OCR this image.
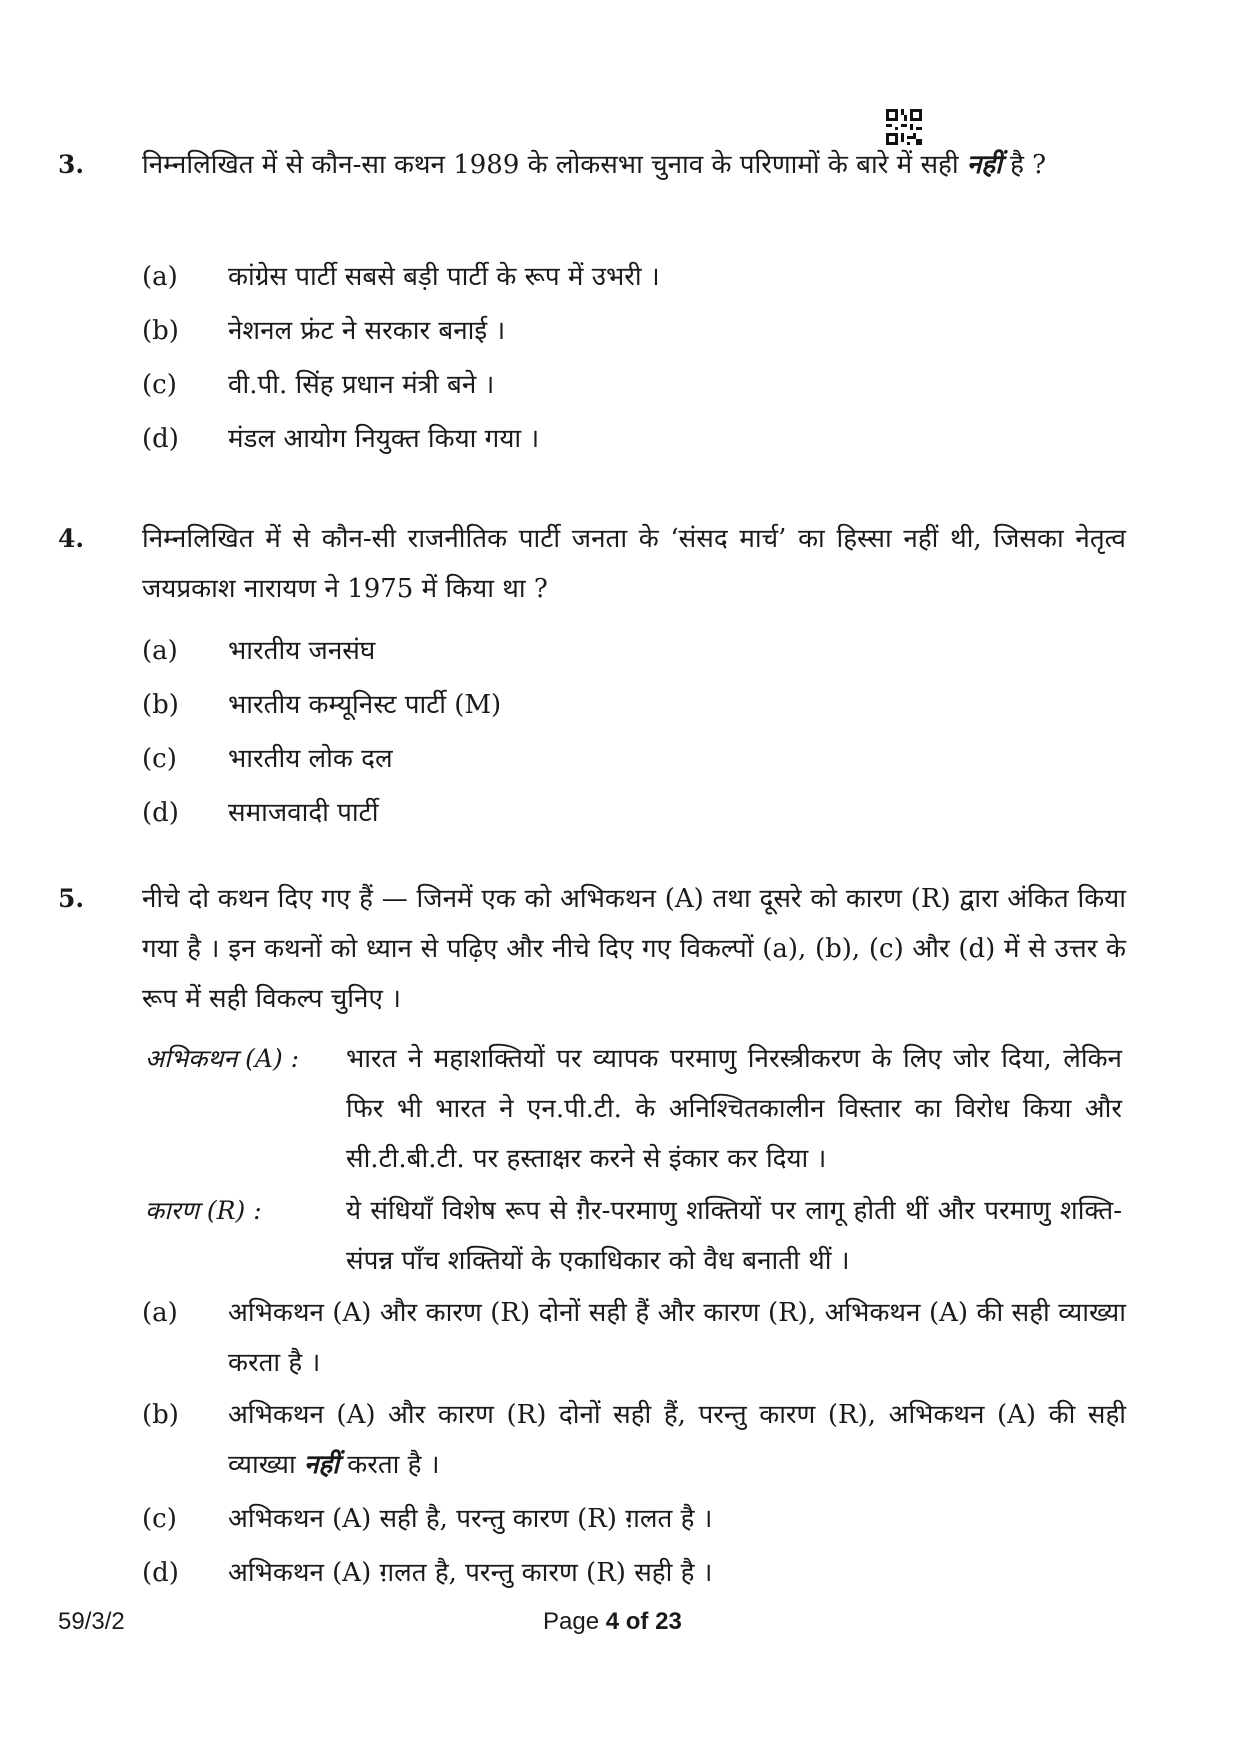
3. निम्नलिखित में से कौन-सा कथन 1989 के लोकसभा चुनाव के परिणामों के बारे में सही नहीं है ?
(a)	कांग्रेस पार्टी सबसे बड़ी पार्टी के रूप में उभरी ।
(b)	नेशनल फ्रंट ने सरकार बनाई ।
(c)	वी.पी. सिंह प्रधान मंत्री बने ।
(d)	मंडल आयोग नियुक्त किया गया ।
4. निम्नलिखित में से कौन-सी राजनीतिक पार्टी जनता के ‘संसद मार्च’ का हिस्सा नहीं थी, जिसका नेतृत्व जयप्रकाश नारायण ने 1975 में किया था ?
(a)	भारतीय जनसंघ
(b)	भारतीय कम्यूनिस्ट पार्टी (M)
(c)	भारतीय लोक दल
(d)	समाजवादी पार्टी
5. नीचे दो कथन दिए गए हैं — जिनमें एक को अभिकथन (A) तथा दूसरे को कारण (R) द्वारा अंकित किया गया है । इन कथनों को ध्यान से पढ़िए और नीचे दिए गए विकल्पों (a), (b), (c) और (d) में से उत्तर के रूप में सही विकल्प चुनिए ।
अभिकथन (A) : भारत ने महाशक्तियों पर व्यापक परमाणु निरस्त्रीकरण के लिए जोर दिया, लेकिन फिर भी भारत ने एन.पी.टी. के अनिश्चितकालीन विस्तार का विरोध किया और सी.टी.बी.टी. पर हस्ताक्षर करने से इंकार कर दिया ।
कारण (R) :	ये संधियाँ विशेष रूप से ग़ैर-परमाणु शक्तियों पर लागू होती थीं और परमाणु शक्ति-संपन्न पाँच शक्तियों के एकाधिकार को वैध बनाती थीं ।
(a) अभिकथन (A) और कारण (R) दोनों सही हैं और कारण (R), अभिकथन (A) की सही व्याख्या करता है ।
(b) अभिकथन (A) और कारण (R) दोनों सही हैं, परन्तु कारण (R), अभिकथन (A) की सही व्याख्या नहीं करता है ।
(c)	अभिकथन (A) सही है, परन्तु कारण (R) ग़लत है ।
(d)	अभिकथन (A) ग़लत है, परन्तु कारण (R) सही है ।
59/3/2	Page 4 of 23
